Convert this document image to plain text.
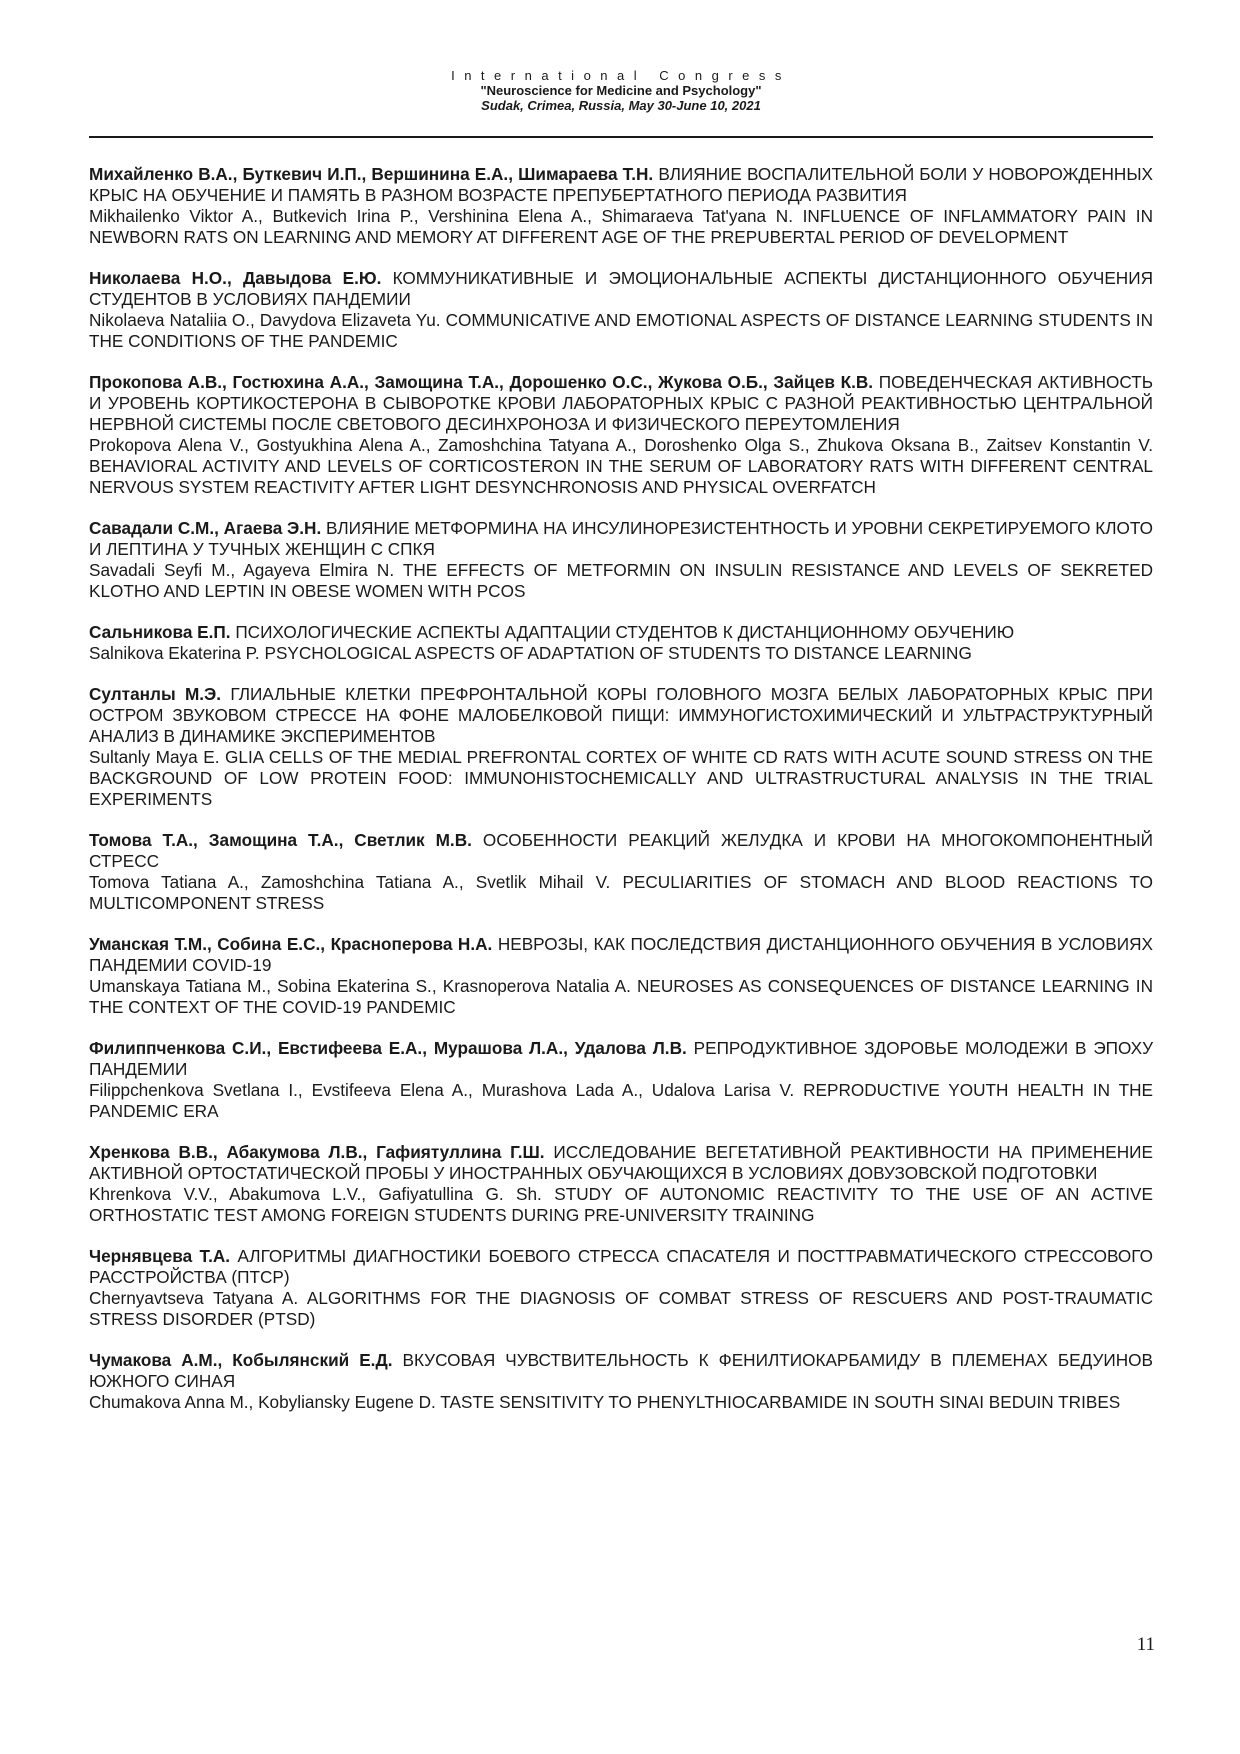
International Congress
"Neuroscience for Medicine and Psychology"
Sudak, Crimea, Russia, May 30-June 10, 2021

Михайленко В.А., Буткевич И.П., Вершинина Е.А., Шимараева Т.Н. ВЛИЯНИЕ ВОСПАЛИТЕЛЬНОЙ БОЛИ У НОВОРОЖДЕННЫХ КРЫС НА ОБУЧЕНИЕ И ПАМЯТЬ В РАЗНОМ ВОЗРАСТЕ ПРЕПУБЕРТАТНОГО ПЕРИОДА РАЗВИТИЯ

Mikhailenko Viktor A., Butkevich Irina P., Vershinina Elena A., Shimaraeva Tat'yana N. INFLUENCE OF INFLAMMATORY PAIN IN NEWBORN RATS ON LEARNING AND MEMORY AT DIFFERENT AGE OF THE PREPUBERTAL PERIOD OF DEVELOPMENT

Николаева Н.О., Давыдова Е.Ю. КОММУНИКАТИВНЫЕ И ЭМОЦИОНАЛЬНЫЕ АСПЕКТЫ ДИСТАНЦИОННОГО ОБУЧЕНИЯ СТУДЕНТОВ В УСЛОВИЯХ ПАНДЕМИИ

Nikolaeva Nataliia O., Davydova Elizaveta Yu. COMMUNICATIVE AND EMOTIONAL ASPECTS OF DISTANCE LEARNING STUDENTS IN THE CONDITIONS OF THE PANDEMIC

Прокопова А.В., Гостюхина А.А., Замощина Т.А., Дорошенко О.С., Жукова О.Б., Зайцев К.В. ПОВЕДЕНЧЕСКАЯ АКТИВНОСТЬ И УРОВЕНЬ КОРТИКОСТЕРОНА В СЫВОРОТКЕ КРОВИ ЛАБОРАТОРНЫХ КРЫС С РАЗНОЙ РЕАКТИВНОСТЬЮ ЦЕНТРАЛЬНОЙ НЕРВНОЙ СИСТЕМЫ ПОСЛЕ СВЕТОВОГО ДЕСИНХРОНОЗА И ФИЗИЧЕСКОГО ПЕРЕУТОМЛЕНИЯ

Prokopova Alena V., Gostyukhina Alena A., Zamoshchina Tatyana A., Doroshenko Olga S., Zhukova Oksana B., Zaitsev Konstantin V. BEHAVIORAL ACTIVITY AND LEVELS OF CORTICOSTERON IN THE SERUM OF LABORATORY RATS WITH DIFFERENT CENTRAL NERVOUS SYSTEM REACTIVITY AFTER LIGHT DESYNCHRONOSIS AND PHYSICAL OVERFATCH

Савадали С.М., Агаева Э.Н. ВЛИЯНИЕ МЕТФОРМИНА НА ИНСУЛИНОРЕЗИСТЕНТНОСТЬ И УРОВНИ СЕКРЕТИРУЕМОГО КЛОТО И ЛЕПТИНА У ТУЧНЫХ ЖЕНЩИН С СПКЯ

Savadali Seyfi M., Agayeva Elmira N. THE EFFECTS OF METFORMIN ON INSULIN RESISTANCE AND LEVELS OF SEKRETED KLOTHO AND LEPTIN IN OBESE WOMEN WITH PCOS

Сальникова Е.П. ПСИХОЛОГИЧЕСКИЕ АСПЕКТЫ АДАПТАЦИИ СТУДЕНТОВ К ДИСТАНЦИОННОМУ ОБУЧЕНИЮ

Salnikova Ekaterina P. PSYCHOLOGICAL ASPECTS OF ADAPTATION OF STUDENTS TO DISTANCE LEARNING

Султанлы М.Э. ГЛИАЛЬНЫЕ КЛЕТКИ ПРЕФРОНТАЛЬНОЙ КОРЫ ГОЛОВНОГО МОЗГА БЕЛЫХ ЛАБОРАТОРНЫХ КРЫС ПРИ ОСТРОМ ЗВУКОВОМ СТРЕССЕ НА ФОНЕ МАЛОБЕЛКОВОЙ ПИЩИ: ИММУНОГИСТОХИМИЧЕСКИЙ И УЛЬТРАСТРУКТУРНЫЙ АНАЛИЗ В ДИНАМИКЕ ЭКСПЕРИМЕНТОВ

Sultanly Maya E. GLIA CELLS OF THE MEDIAL PREFRONTAL CORTEX OF WHITE CD RATS WITH ACUTE SOUND STRESS ON THE BACKGROUND OF LOW PROTEIN FOOD: IMMUNOHISTOCHEMICALLY AND ULTRASTRUCTURAL ANALYSIS IN THE TRIAL EXPERIMENTS

Томова Т.А., Замощина Т.А., Светлик М.В. ОСОБЕННОСТИ РЕАКЦИЙ ЖЕЛУДКА И КРОВИ НА МНОГОКОМПОНЕНТНЫЙ СТРЕСС

Tomova Tatiana A., Zamoshchina Tatiana A., Svetlik Mihail V. PECULIARITIES OF STOMACH AND BLOOD REACTIONS TO MULTICOMPONENT STRESS

Уманская Т.М., Собина Е.С., Красноперова Н.А. НЕВРОЗЫ, КАК ПОСЛЕДСТВИЯ ДИСТАНЦИОННОГО ОБУЧЕНИЯ В УСЛОВИЯХ ПАНДЕМИИ COVID-19

Umanskaya Tatiana M., Sobina Ekaterina S., Krasnoperova Natalia A. NEUROSES AS CONSEQUENCES OF DISTANCE LEARNING IN THE CONTEXT OF THE COVID-19 PANDEMIC

Филиппченкова С.И., Евстифеева Е.А., Мурашова Л.А., Удалова Л.В. РЕПРОДУКТИВНОЕ ЗДОРОВЬЕ МОЛОДЕЖИ В ЭПОХУ ПАНДЕМИИ

Filippchenkova Svetlana I., Evstifeeva Elena A., Murashova Lada A., Udalova Larisa V. REPRODUCTIVE YOUTH HEALTH IN THE PANDEMIC ERA

Хренкова В.В., Абакумова Л.В., Гафиятуллина Г.Ш. ИССЛЕДОВАНИЕ ВЕГЕТАТИВНОЙ РЕАКТИВНОСТИ НА ПРИМЕНЕНИЕ АКТИВНОЙ ОРТОСТАТИЧЕСКОЙ ПРОБЫ У ИНОСТРАННЫХ ОБУЧАЮЩИХСЯ В УСЛОВИЯХ ДОВУЗОВСКОЙ ПОДГОТОВКИ

Khrenkova V.V., Abakumova L.V., Gafiyatullina G. Sh. STUDY OF AUTONOMIC REACTIVITY TO THE USE OF AN ACTIVE ORTHOSTATIC TEST AMONG FOREIGN STUDENTS DURING PRE-UNIVERSITY TRAINING

Чернявцева Т.А. АЛГОРИТМЫ ДИАГНОСТИКИ БОЕВОГО СТРЕССА СПАСАТЕЛЯ И ПОСТТРАВМАТИЧЕСКОГО СТРЕССОВОГО РАССТРОЙСТВА (ПТСР)

Chernyavtseva Tatyana A. ALGORITHMS FOR THE DIAGNOSIS OF COMBAT STRESS OF RESCUERS AND POST-TRAUMATIC STRESS DISORDER (PTSD)

Чумакова А.М., Кобылянский Е.Д. ВКУСОВАЯ ЧУВСТВИТЕЛЬНОСТЬ К ФЕНИЛТИОКАРБАМИДУ В ПЛЕМЕНАХ БЕДУИНОВ ЮЖНОГО СИНАЯ

Chumakova Anna M., Kobyliansky Eugene D. TASTE SENSITIVITY TO PHENYLTHIOCARBAMIDE IN SOUTH SINAI BEDUIN TRIBES

11
